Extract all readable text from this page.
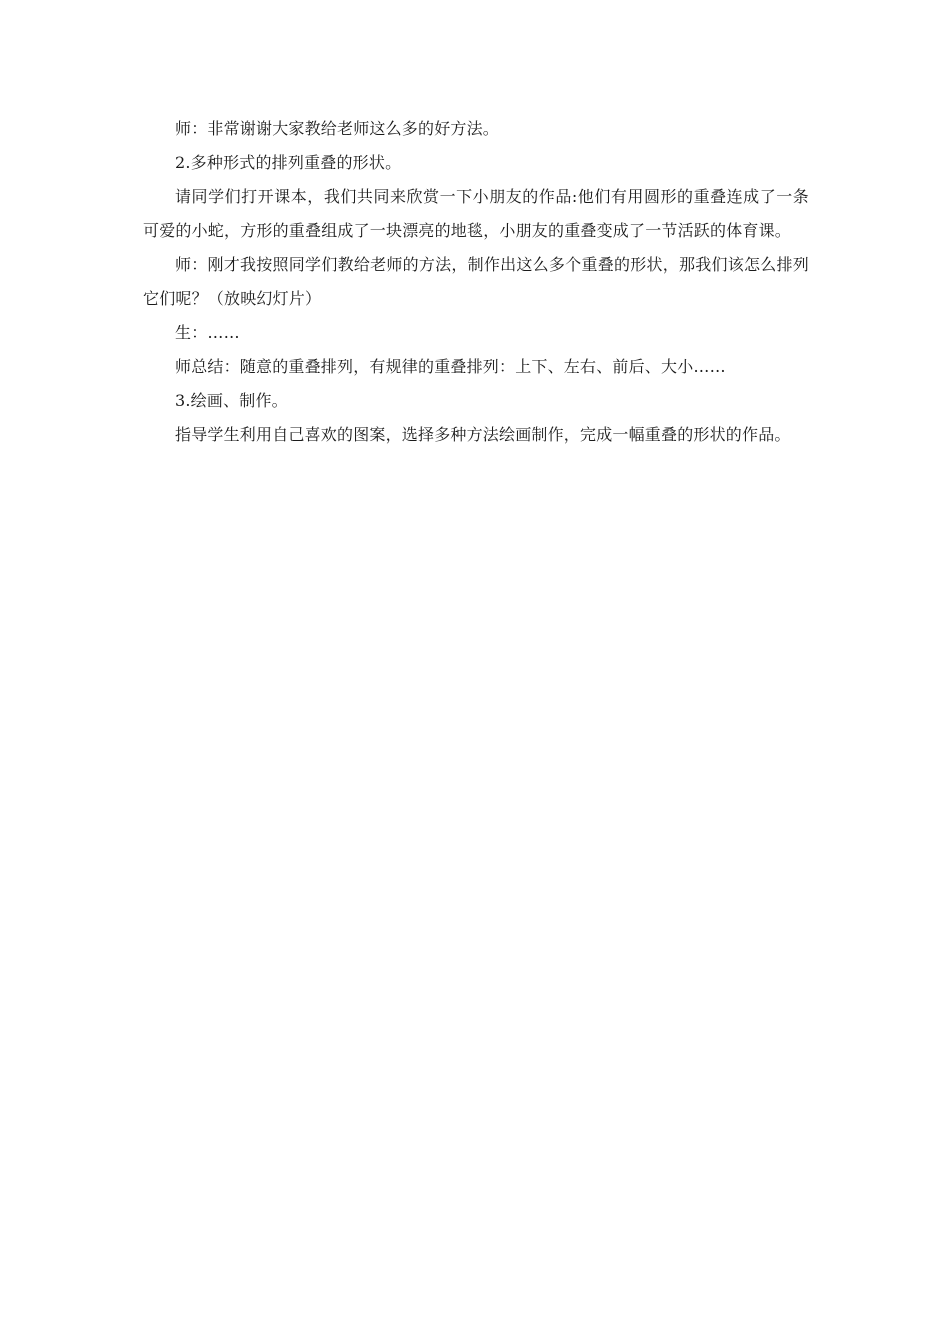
师：非常谢谢大家教给老师这么多的好方法。

2.多种形式的排列重叠的形状。

请同学们打开课本，我们共同来欣赏一下小朋友的作品:他们有用圆形的重叠连成了一条可爱的小蛇，方形的重叠组成了一块漂亮的地毯，小朋友的重叠变成了一节活跃的体育课。

师：刚才我按照同学们教给老师的方法，制作出这么多个重叠的形状，那我们该怎么排列它们呢？（放映幻灯片）

生：……

师总结：随意的重叠排列，有规律的重叠排列：上下、左右、前后、大小……

3.绘画、制作。

指导学生利用自己喜欢的图案，选择多种方法绘画制作，完成一幅重叠的形状的作品。
